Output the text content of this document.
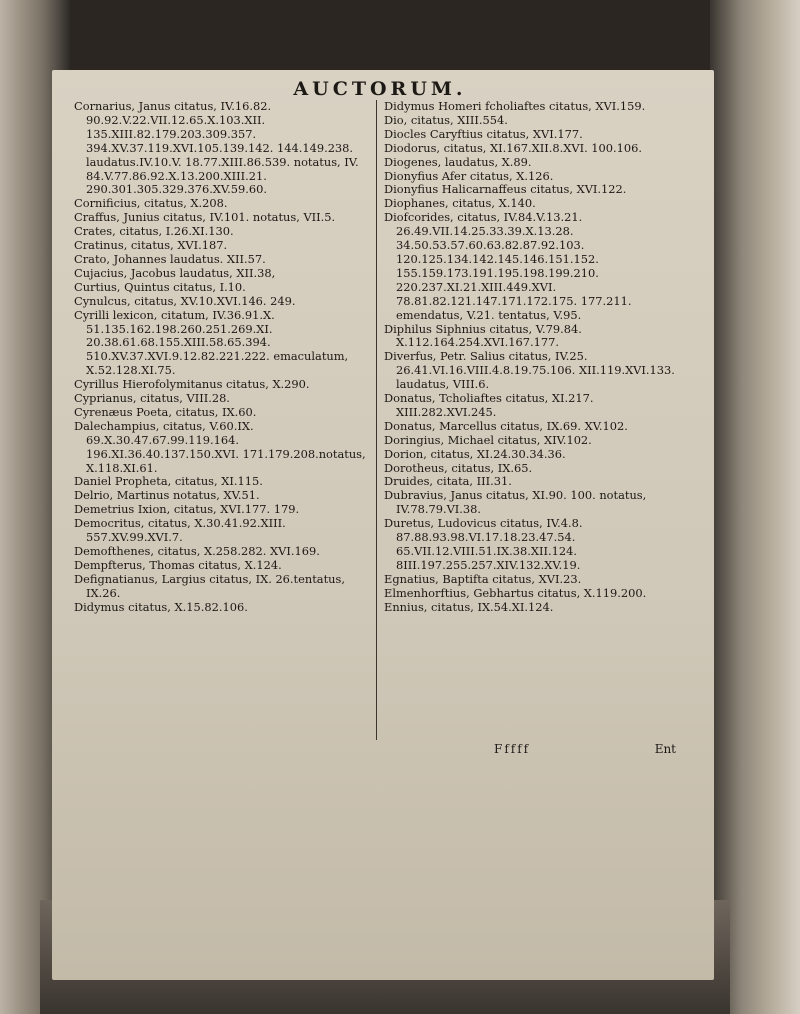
AUCTORUM.

Cornarius, Janus citatus, IV.16.82. 90.92.V.22.VII.12.65.X.103.XII. 135.XIII.82.179.203.309.357. 394.XV.37.119.XVI.105.139.142. 144.149.238. laudatus.IV.10.V. 18.77.XIII.86.539. notatus, IV. 84.V.77.86.92.X.13.200.XIII.21. 290.301.305.329.376.XV.59.60.

Cornificius, citatus, X.208.

Craffus, Junius citatus, IV.101. notatus, VII.5.

Crates, citatus, I.26.XI.130.

Cratinus, citatus, XVI.187.

Crato, Johannes laudatus. XII.57.

Cujacius, Jacobus laudatus, XII.38,

Curtius, Quintus citatus, I.10.

Cynulcus, citatus, XV.10.XVI.146. 249.

Cyrilli lexicon, citatum, IV.36.91.X. 51.135.162.198.260.251.269.XI. 20.38.61.68.155.XIII.58.65.394. 510.XV.37.XVI.9.12.82.221.222. emaculatum, X.52.128.XI.75.

Cyrillus Hierofolymitanus citatus, X.290.

Cyprianus, citatus, VIII.28.

Cyrenæus Poeta, citatus, IX.60.

Dalechampius, citatus, V.60.IX. 69.X.30.47.67.99.119.164. 196.XI.36.40.137.150.XVI. 171.179.208.notatus, X.118.XI.61.

Daniel Propheta, citatus, XI.115.

Delrio, Martinus notatus, XV.51.

Demetrius Ixion, citatus, XVI.177. 179.

Democritus, citatus, X.30.41.92.XIII. 557.XV.99.XVI.7.

Demofthenes, citatus, X.258.282. XVI.169.

Dempfterus, Thomas citatus, X.124.

Defignatianus, Largius citatus, IX. 26.tentatus, IX.26.

Didymus citatus, X.15.82.106.

Didymus Homeri fcholiaftes citatus, XVI.159.

Dio, citatus, XIII.554.

Diocles Caryftius citatus, XVI.177.

Diodorus, citatus, XI.167.XII.8.XVI. 100.106.

Diogenes, laudatus, X.89.

Dionyfius Afer citatus, X.126.

Dionyfius Halicarnaffeus citatus, XVI.122.

Diophanes, citatus, X.140.

Diofcorides, citatus, IV.84.V.13.21. 26.49.VII.14.25.33.39.X.13.28. 34.50.53.57.60.63.82.87.92.103. 120.125.134.142.145.146.151.152. 155.159.173.191.195.198.199.210. 220.237.XI.21.XIII.449.XVI. 78.81.82.121.147.171.172.175. 177.211. emendatus, V.21. tentatus, V.95.

Diphilus Siphnius citatus, V.79.84. X.112.164.254.XVI.167.177.

Diverfus, Petr. Salius citatus, IV.25. 26.41.VI.16.VIII.4.8.19.75.106. XII.119.XVI.133. laudatus, VIII.6.

Donatus, Tcholiaftes citatus, XI.217. XIII.282.XVI.245.

Donatus, Marcellus citatus, IX.69. XV.102.

Doringius, Michael citatus, XIV.102.

Dorion, citatus, XI.24.30.34.36.

Dorotheus, citatus, IX.65.

Druides, citata, III.31.

Dubravius, Janus citatus, XI.90. 100. notatus, IV.78.79.VI.38.

Duretus, Ludovicus citatus, IV.4.8. 87.88.93.98.VI.17.18.23.47.54. 65.VII.12.VIII.51.IX.38.XII.124. 8III.197.255.257.XIV.132.XV.19.

Egnatius, Baptifta citatus, XVI.23.

Elmenhorftius, Gebhartus citatus, X.119.200.

Ennius, citatus, IX.54.XI.124.

Fffff	Ent
